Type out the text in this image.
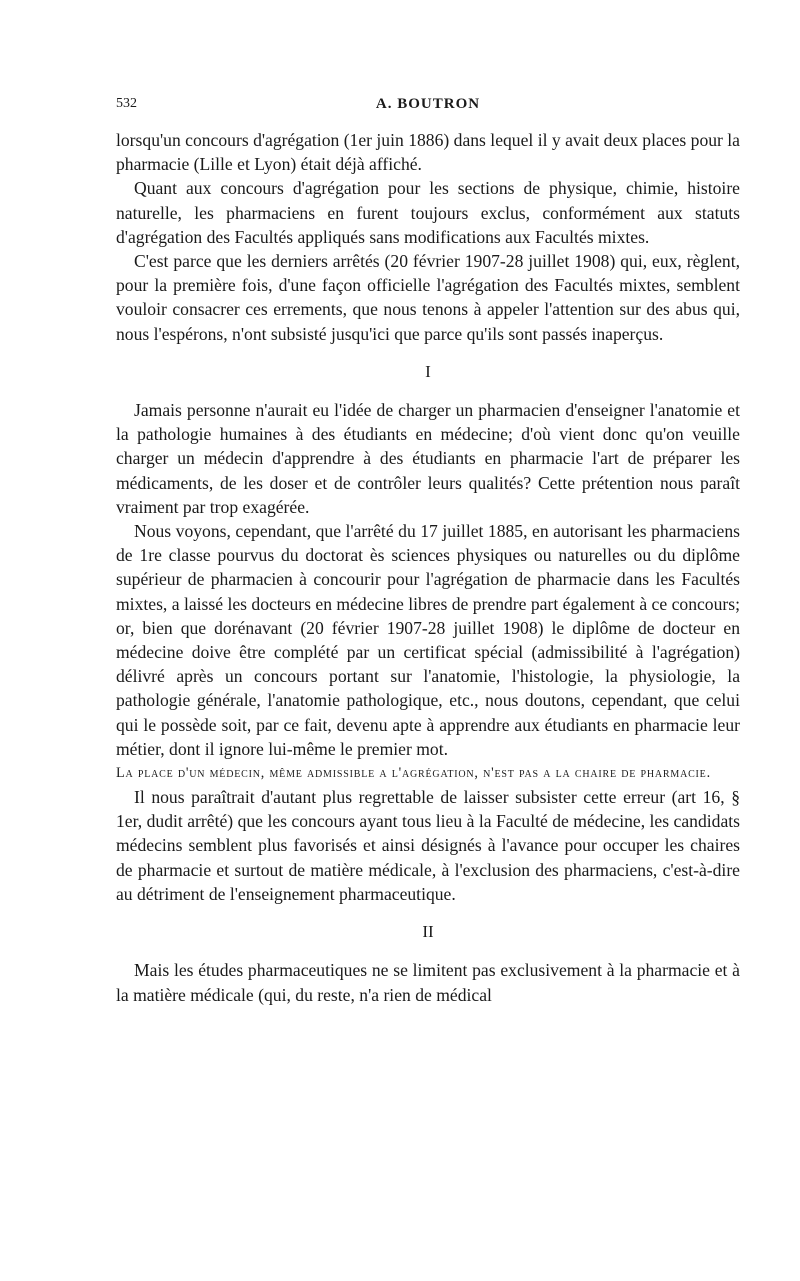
532	A. BOUTRON

lorsqu'un concours d'agrégation (1er juin 1886) dans lequel il y avait deux places pour la pharmacie (Lille et Lyon) était déjà affiché.

Quant aux concours d'agrégation pour les sections de physique, chimie, histoire naturelle, les pharmaciens en furent toujours exclus, conformément aux statuts d'agrégation des Facultés appliqués sans modifications aux Facultés mixtes.

C'est parce que les derniers arrêtés (20 février 1907-28 juillet 1908) qui, eux, règlent, pour la première fois, d'une façon officielle l'agrégation des Facultés mixtes, semblent vouloir consacrer ces errements, que nous tenons à appeler l'attention sur des abus qui, nous l'espérons, n'ont subsisté jusqu'ici que parce qu'ils sont passés inaperçus.

I

Jamais personne n'aurait eu l'idée de charger un pharmacien d'enseigner l'anatomie et la pathologie humaines à des étudiants en médecine; d'où vient donc qu'on veuille charger un médecin d'apprendre à des étudiants en pharmacie l'art de préparer les médicaments, de les doser et de contrôler leurs qualités? Cette prétention nous paraît vraiment par trop exagérée.

Nous voyons, cependant, que l'arrêté du 17 juillet 1885, en autorisant les pharmaciens de 1re classe pourvus du doctorat ès sciences physiques ou naturelles ou du diplôme supérieur de pharmacien à concourir pour l'agrégation de pharmacie dans les Facultés mixtes, a laissé les docteurs en médecine libres de prendre part également à ce concours; or, bien que dorénavant (20 février 1907-28 juillet 1908) le diplôme de docteur en médecine doive être complété par un certificat spécial (admissibilité à l'agrégation) délivré après un concours portant sur l'anatomie, l'histologie, la physiologie, la pathologie générale, l'anatomie pathologique, etc., nous doutons, cependant, que celui qui le possède soit, par ce fait, devenu apte à apprendre aux étudiants en pharmacie leur métier, dont il ignore lui-même le premier mot.

La place d'un médecin, même admissible a l'agrégation, n'est pas a la chaire de pharmacie.

Il nous paraîtrait d'autant plus regrettable de laisser subsister cette erreur (art 16, § 1er, dudit arrêté) que les concours ayant tous lieu à la Faculté de médecine, les candidats médecins semblent plus favorisés et ainsi désignés à l'avance pour occuper les chaires de pharmacie et surtout de matière médicale, à l'exclusion des pharmaciens, c'est-à-dire au détriment de l'enseignement pharmaceutique.

II

Mais les études pharmaceutiques ne se limitent pas exclusivement à la pharmacie et à la matière médicale (qui, du reste, n'a rien de médical
